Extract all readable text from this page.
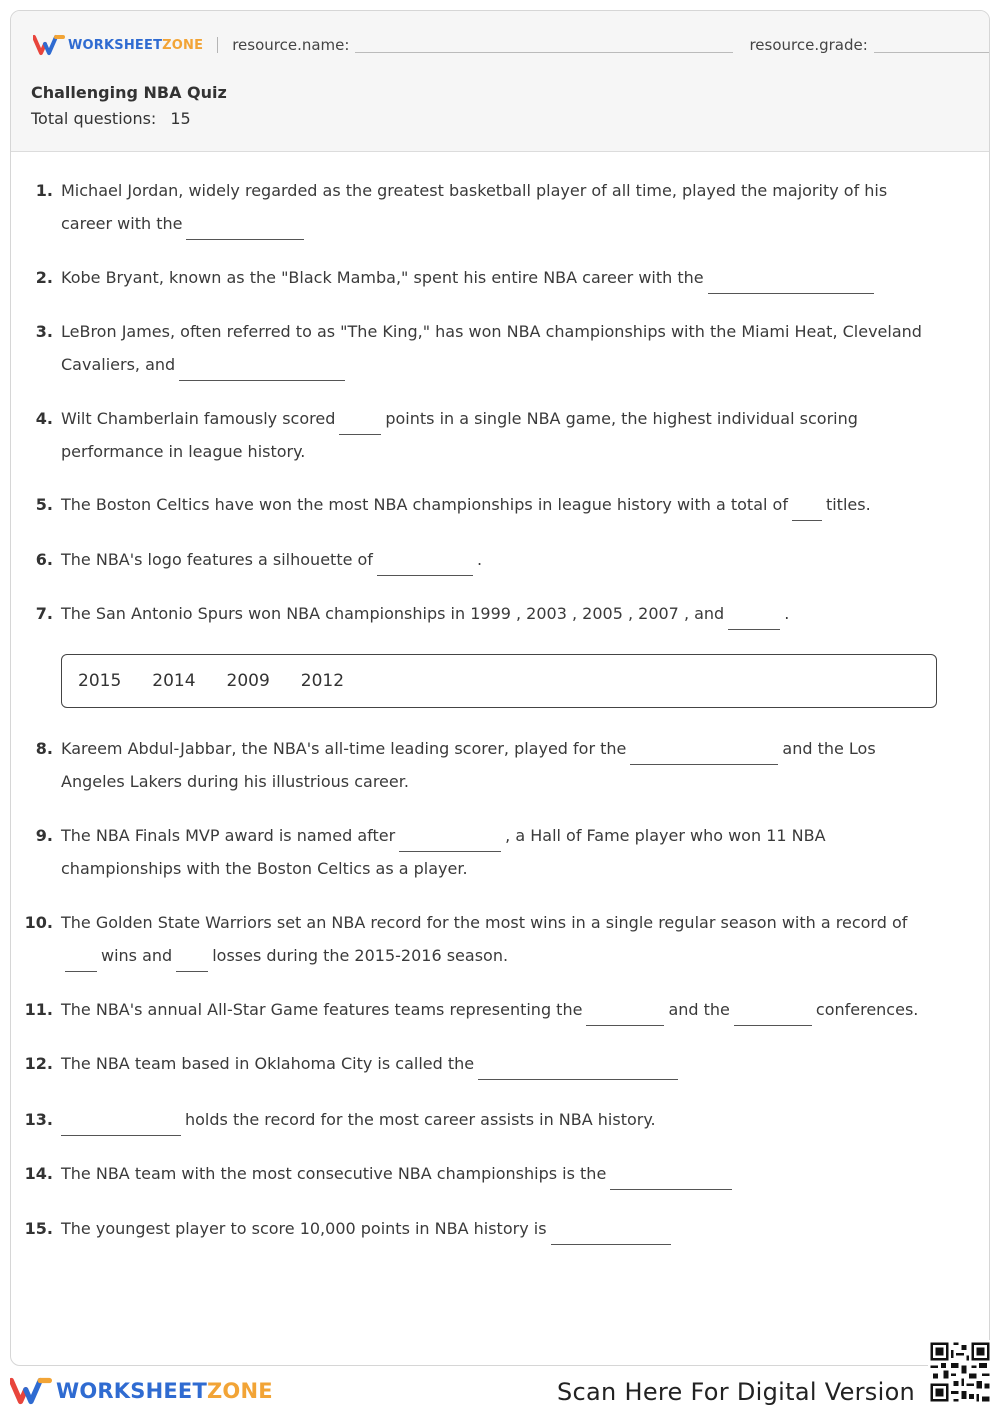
WORKSHEETZONE resource.name:	resource.grade:
Challenging NBA Quiz
Total questions: 15
1. Michael Jordan, widely regarded as the greatest basketball player of all time, played the majority of his career with the
2. Kobe Bryant, known as the "Black Mamba," spent his entire NBA career with the
3. LeBron James, often referred to as "The King," has won NBA championships with the Miami Heat, Cleveland Cavaliers, and
4. Wilt Chamberlain famously scored	points in a single NBA game, the highest individual scoring performance in league history.
5. The Boston Celtics have won the most NBA championships in league history with a total of titles.
6. The NBA's logo features a silhouette of	.
7. The San Antonio Spurs won NBA championships in 1999 , 2003 , 2005 , 2007 , and	.
2015 2014 2009 2012
8. Kareem Abdul-Jabbar, the NBA's all-time leading scorer, played for the	and the Los Angeles Lakers during his illustrious career.
9. The NBA Finals MVP award is named after	, a Hall of Fame player who won 11 NBA championships with the Boston Celtics as a player.
10. The Golden State Warriors set an NBA record for the most wins in a single regular season with a record ofwins and	losses during the 2015-2016 season.
11. The NBA's annual All-Star Game features teams representing the	and the	conferences.
12. The NBA team based in Oklahoma City is called the
13.	holds the record for the most career assists in NBA history.
14. The NBA team with the most consecutive NBA championships is the
15. The youngest player to score 10,000 points in NBA history is
WORKSHEETZONE	Scan Here For Digital Version
